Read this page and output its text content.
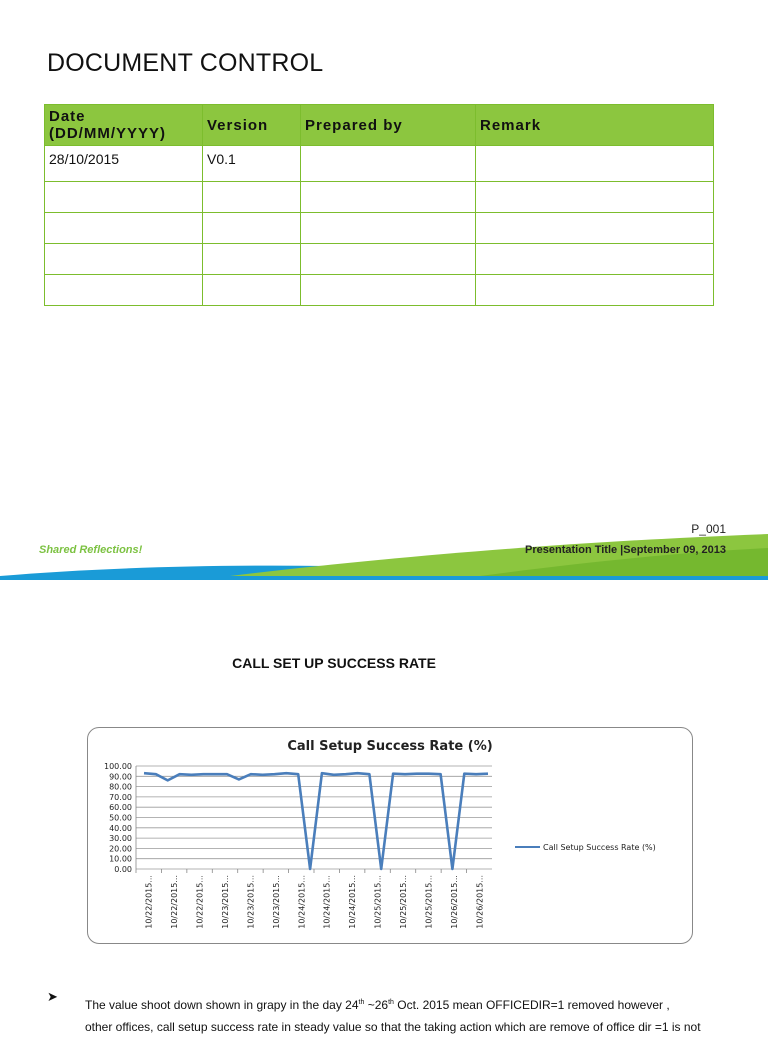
DOCUMENT CONTROL
Date
(DD/MM/YYYY)	Version	Prepared by	Remark
28/10/2015	V0.1		

Shared Reflections!
P_001
Presentation Title |September 09, 2013
CALL SET UP SUCCESS RATE
Call Setup Success Rate (%)
100.00
90.00
80.00
70.00
60.00
50.00
40.00
30.00
20.00
10.00
0.00
10/22/2015... 10/22/2015... 10/22/2015... 10/23/2015... 10/23/2015... 10/23/2015... 10/24/2015... 10/24/2015... 10/24/2015... 10/25/2015... 10/25/2015... 10/25/2015... 10/26/2015... 10/26/2015...
Call Setup Success Rate (%)
➤
The value shoot down shown in grapy in the day 24th ~26th Oct. 2015 mean OFFICEDIR=1 removed however ,
other offices, call setup success rate in steady value so that the taking action which are remove of office dir =1 is not
